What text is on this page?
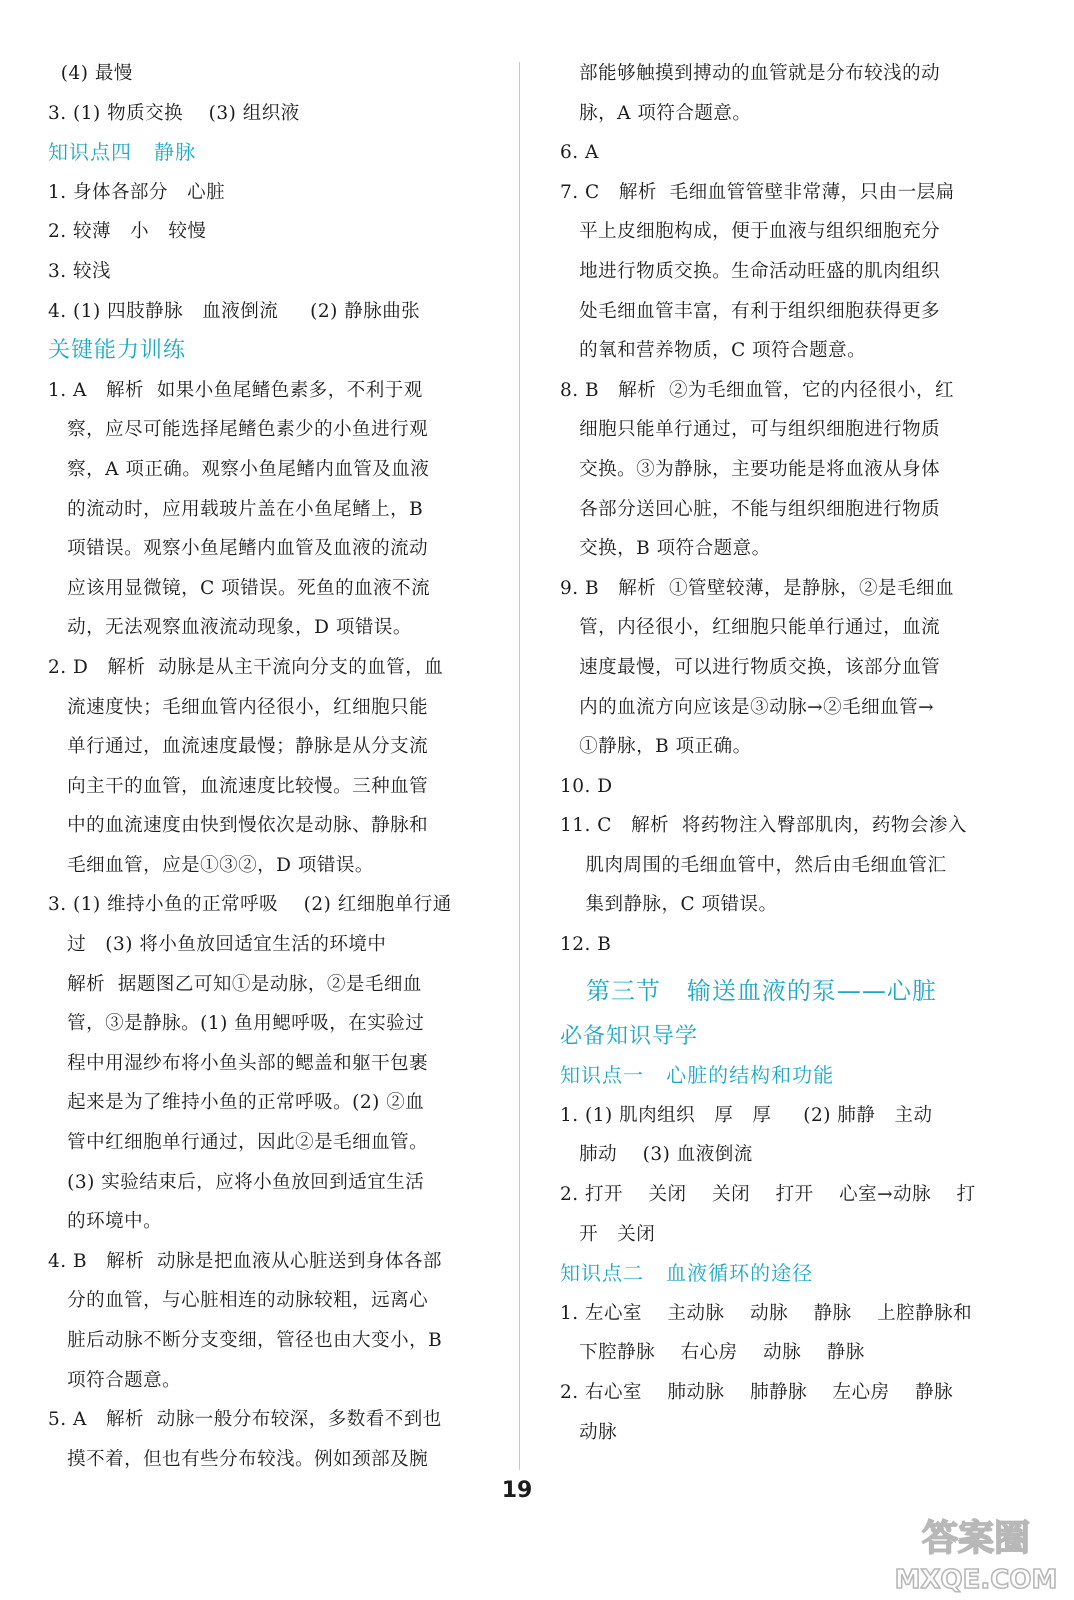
(4) 最慢
3. (1) 物质交换    (3) 组织液
知识点四   静脉
1. 身体各部分   心脏
2. 较薄   小   较慢
3. 较浅
4. (1) 四肢静脉   血液倒流     (2) 静脉曲张
关键能力训练
1. A   解析  如果小鱼尾鳍色素多，不利于观
察，应尽可能选择尾鳍色素少的小鱼进行观
察，A 项正确。观察小鱼尾鳍内血管及血液
的流动时，应用载玻片盖在小鱼尾鳍上，B
项错误。观察小鱼尾鳍内血管及血液的流动
应该用显微镜，C 项错误。死鱼的血液不流
动，无法观察血液流动现象，D 项错误。
2. D   解析  动脉是从主干流向分支的血管，血
流速度快；毛细血管内径很小，红细胞只能
单行通过，血流速度最慢；静脉是从分支流
向主干的血管，血流速度比较慢。三种血管
中的血流速度由快到慢依次是动脉、静脉和
毛细血管，应是①③②，D 项错误。
3. (1) 维持小鱼的正常呼吸    (2) 红细胞单行通
过   (3) 将小鱼放回适宜生活的环境中
解析  据题图乙可知①是动脉，②是毛细血
管，③是静脉。(1) 鱼用鳃呼吸，在实验过
程中用湿纱布将小鱼头部的鳃盖和躯干包裹
起来是为了维持小鱼的正常呼吸。(2) ②血
管中红细胞单行通过，因此②是毛细血管。
(3) 实验结束后，应将小鱼放回到适宜生活
的环境中。
4. B   解析  动脉是把血液从心脏送到身体各部
分的血管，与心脏相连的动脉较粗，远离心
脏后动脉不断分支变细，管径也由大变小，B
项符合题意。
5. A   解析  动脉一般分布较深，多数看不到也
摸不着，但也有些分布较浅。例如颈部及腕
部能够触摸到搏动的血管就是分布较浅的动
脉，A 项符合题意。
6. A
7. C   解析  毛细血管管壁非常薄，只由一层扁
平上皮细胞构成，便于血液与组织细胞充分
地进行物质交换。生命活动旺盛的肌肉组织
处毛细血管丰富，有利于组织细胞获得更多
的氧和营养物质，C 项符合题意。
8. B   解析  ②为毛细血管，它的内径很小，红
细胞只能单行通过，可与组织细胞进行物质
交换。③为静脉，主要功能是将血液从身体
各部分送回心脏，不能与组织细胞进行物质
交换，B 项符合题意。
9. B   解析  ①管壁较薄，是静脉，②是毛细血
管，内径很小，红细胞只能单行通过，血流
速度最慢，可以进行物质交换，该部分血管
内的血流方向应该是③动脉→②毛细血管→
①静脉，B 项正确。
10. D
11. C   解析  将药物注入臀部肌肉，药物会渗入
肌肉周围的毛细血管中，然后由毛细血管汇
集到静脉，C 项错误。
12. B
第三节   输送血液的泵——心脏
必备知识导学
知识点一   心脏的结构和功能
1. (1) 肌肉组织   厚   厚     (2) 肺静   主动
肺动    (3) 血液倒流
2. 打开    关闭    关闭    打开    心室→动脉    打
开   关闭
知识点二   血液循环的途径
1. 左心室    主动脉    动脉    静脉    上腔静脉和
下腔静脉    右心房    动脉    静脉
2. 右心室    肺动脉    肺静脉    左心房    静脉
动脉
19
答案圈
MXQE.COM
